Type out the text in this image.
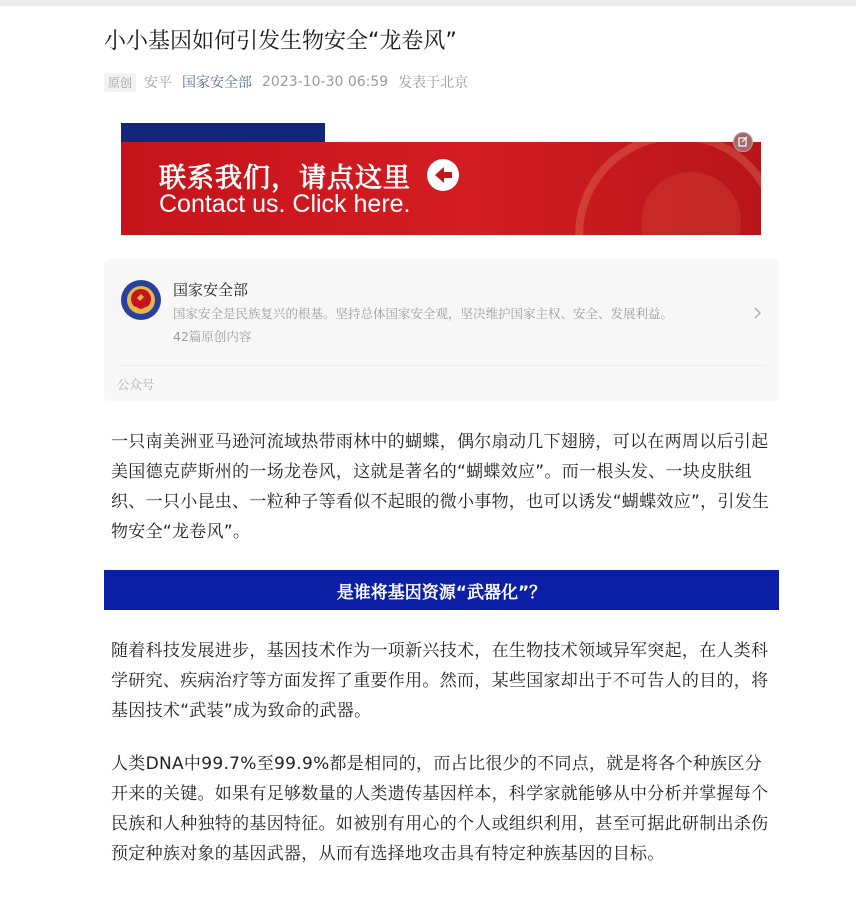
小小基因如何引发生物安全“龙卷风”
原创 安平 国家安全部 2023-10-30 06:59 发表于北京
联系我们，请点这里
Contact us. Click here.
国家安全部
国家安全是民族复兴的根基。坚持总体国家安全观，坚决维护国家主权、安全、发展利益。
42篇原创内容
公众号

一只南美洲亚马逊河流域热带雨林中的蝴蝶，偶尔扇动几下翅膀，可以在两周以后引起美国德克萨斯州的一场龙卷风，这就是著名的“蝴蝶效应”。而一根头发、一块皮肤组织、一只小昆虫、一粒种子等看似不起眼的微小事物，也可以诱发“蝴蝶效应”，引发生物安全“龙卷风”。

是谁将基因资源“武器化”？

随着科技发展进步，基因技术作为一项新兴技术，在生物技术领域异军突起，在人类科学研究、疾病治疗等方面发挥了重要作用。然而，某些国家却出于不可告人的目的，将基因技术“武装”成为致命的武器。

人类DNA中99.7%至99.9%都是相同的，而占比很少的不同点，就是将各个种族区分开来的关键。如果有足够数量的人类遗传基因样本，科学家就能够从中分析并掌握每个民族和人种独特的基因特征。如被别有用心的个人或组织利用，甚至可据此研制出杀伤预定种族对象的基因武器，从而有选择地攻击具有特定种族基因的目标。
